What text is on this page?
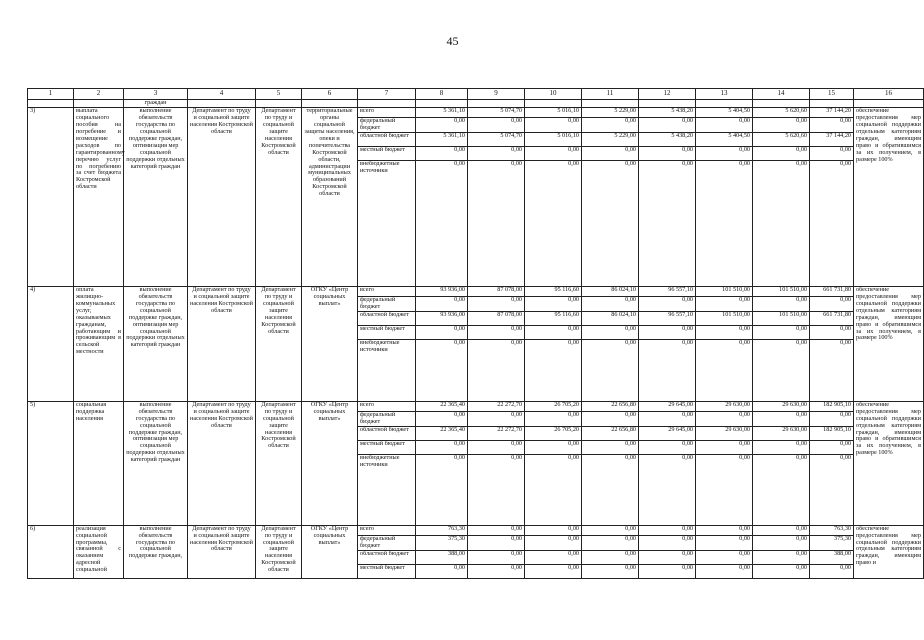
45
1	2	3	4	5	6	7	8	9	10	11	12	13	14	15	16
		граждан													
3)	выплата социального пособия на погребение и возмещение расходов по гарантированному перечню услуг по погребению за счет бюджета Костромской области	выполнение обязательств государства по социальной поддержке граждан, оптимизация мер социальной поддержки отдельных категорий граждан	Департамент по труду и социальной защите населения Костромской области	Департамент по труду и социальной защите населения Костромской области	территориальные органы социальной защиты населения, опеки и попечительства Костромской области, администрации муниципальных образований Костромской области	всего	5 361,10	5 074,70	5 016,10	5 229,00	5 438,20	5 404,50	5 620,60	37 144,20	обеспечение предоставления мер социальной поддержки отдельным категориям граждан, имеющим право и обратившимся за их получением, в размере 100%
						федеральный бюджет	0,00	0,00	0,00	0,00	0,00	0,00	0,00	0,00	
						областной бюджет	5 361,10	5 074,70	5 016,10	5 229,00	5 438,20	5 404,50	5 620,60	37 144,20	
						местный бюджет	0,00	0,00	0,00	0,00	0,00	0,00	0,00	0,00	
						внебюджетные источники	0,00	0,00	0,00	0,00	0,00	0,00	0,00	0,00	
4)	оплата жилищно-коммунальных услуг, оказываемых гражданам, работающим и проживающим в сельской местности	выполнение обязательств государства по социальной поддержке граждан, оптимизация мер социальной поддержки отдельных категорий граждан	Департамент по труду и социальной защите населения Костромской области	Департамент по труду и социальной защите населения Костромской области	ОГКУ «Центр социальных выплат»	всего	93 936,00	87 078,00	95 116,60	86 024,10	96 557,10	101 510,00	101 510,00	661 731,80	обеспечение предоставления мер социальной поддержки отдельным категориям граждан, имеющим право и обратившимся за их получением, в размере 100%
						федеральный бюджет	0,00	0,00	0,00	0,00	0,00	0,00	0,00	0,00	
						областной бюджет	93 936,00	87 078,00	95 116,60	86 024,10	96 557,10	101 510,00	101 510,00	661 731,80	
						местный бюджет	0,00	0,00	0,00	0,00	0,00	0,00	0,00	0,00	
						внебюджетные источники	0,00	0,00	0,00	0,00	0,00	0,00	0,00	0,00	
5)	социальная поддержка населения	выполнение обязательств государства по социальной поддержке граждан, оптимизация мер социальной поддержки отдельных категорий граждан	Департамент по труду и социальной защите населения Костромской области	Департамент по труду и социальной защите населения Костромской области	ОГКУ «Центр социальных выплат»	всего	22 365,40	22 272,70	26 705,20	22 656,80	29 645,00	29 630,00	29 630,00	182 905,10	обеспечение предоставления мер социальной поддержки отдельным категориям граждан, имеющим право и обратившимся за их получением, в размере 100%
						федеральный бюджет	0,00	0,00	0,00	0,00	0,00	0,00	0,00	0,00	
						областной бюджет	22 365,40	22 272,70	26 705,20	22 656,80	29 645,00	29 630,00	29 630,00	182 905,10	
						местный бюджет	0,00	0,00	0,00	0,00	0,00	0,00	0,00	0,00	
						внебюджетные источники	0,00	0,00	0,00	0,00	0,00	0,00	0,00	0,00	
6)	реализация социальной программы, связанной с оказанием адресной социальной	выполнение обязательств государства по социальной поддержке граждан,	Департамент по труду и социальной защите населения Костромской области	Департамент по труду и социальной защите населения Костромской области	ОГКУ «Центр социальных выплат»	всего	763,30	0,00	0,00	0,00	0,00	0,00	0,00	763,30	обеспечение предоставления мер социальной поддержки отдельным категориям граждан, имеющим право и
						федеральный бюджет	375,30	0,00	0,00	0,00	0,00	0,00	0,00	375,30	
						областной бюджет	388,00	0,00	0,00	0,00	0,00	0,00	0,00	388,00	
						местный бюджет	0,00	0,00	0,00	0,00	0,00	0,00	0,00	0,00	
